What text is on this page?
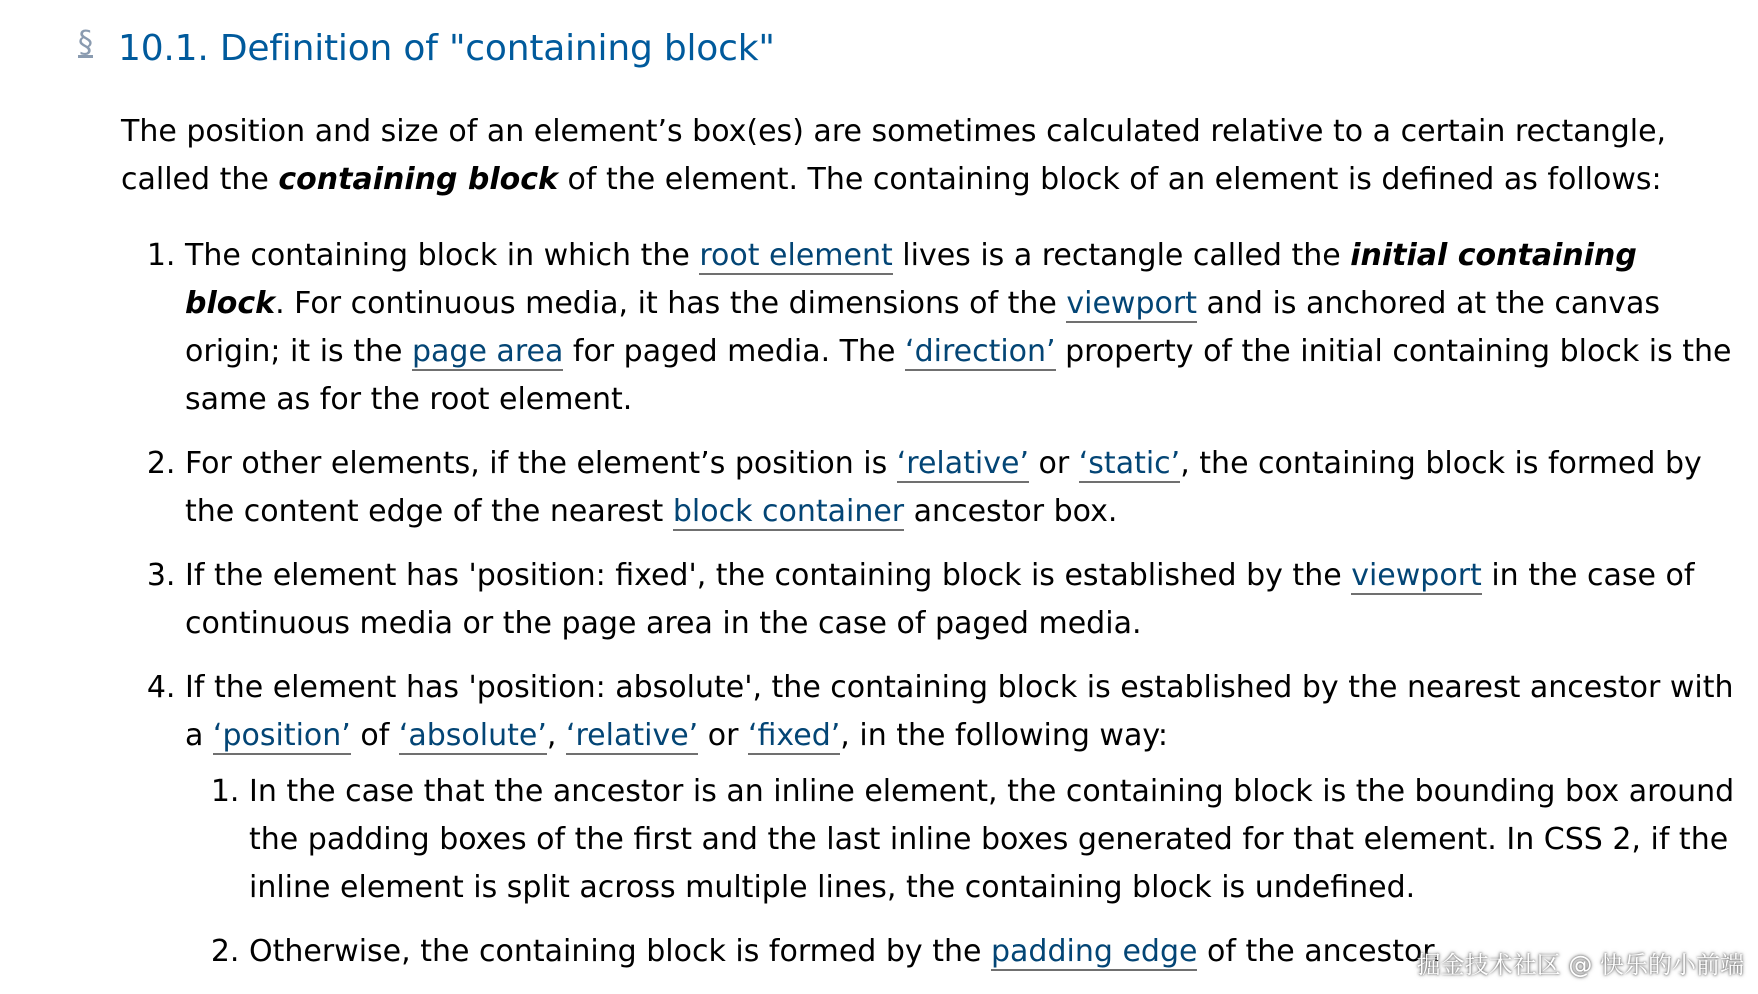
§ 10.1. Definition of "containing block"

The position and size of an element’s box(es) are sometimes calculated relative to a certain rectangle, called the containing block of the element. The containing block of an element is defined as follows:

1. The containing block in which the root element lives is a rectangle called the initial containing block. For continuous media, it has the dimensions of the viewport and is anchored at the canvas origin; it is the page area for paged media. The ‘direction’ property of the initial containing block is the same as for the root element.
2. For other elements, if the element’s position is ‘relative’ or ‘static’, the containing block is formed by the content edge of the nearest block container ancestor box.
3. If the element has 'position: fixed', the containing block is established by the viewport in the case of continuous media or the page area in the case of paged media.
4. If the element has 'position: absolute', the containing block is established by the nearest ancestor with a ‘position’ of ‘absolute’, ‘relative’ or ‘fixed’, in the following way:
1. In the case that the ancestor is an inline element, the containing block is the bounding box around the padding boxes of the first and the last inline boxes generated for that element. In CSS 2, if the inline element is split across multiple lines, the containing block is undefined.
2. Otherwise, the containing block is formed by the padding edge of the ancestor.
掘金技术社区 @ 快乐的小前端
